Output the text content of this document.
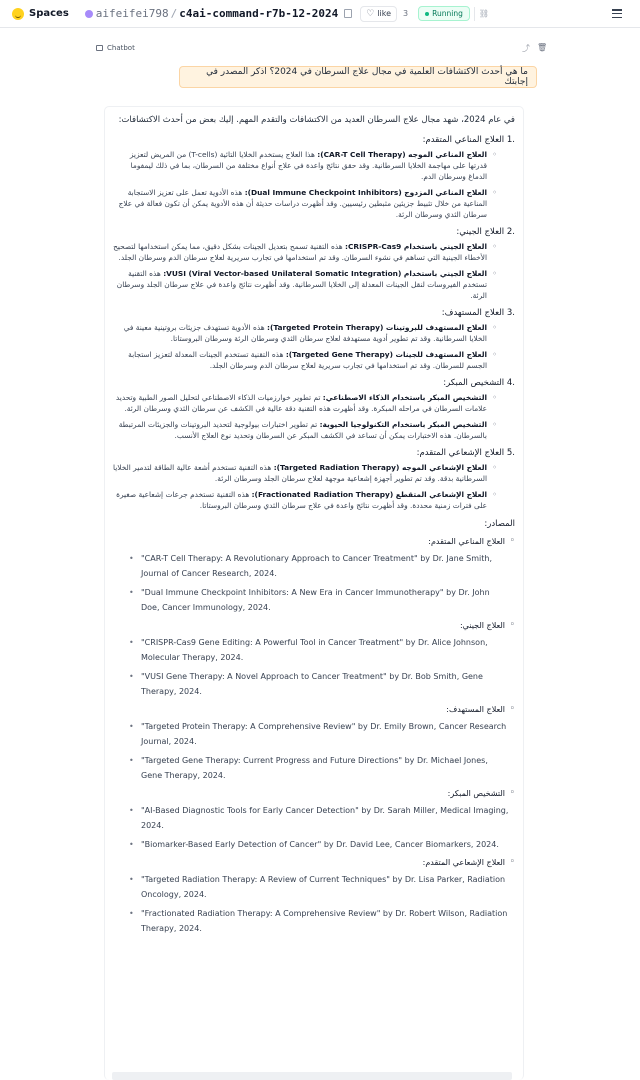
Spaces aifeifei798 / c4ai-command-r7b-12-2024	♡ like 3	Running ⛓
Chatbot	⤴ 🗑
ما هي أحدث الاكتشافات العلمية في مجال علاج السرطان في 2024؟ اذكر المصدر في إجابتك
في عام 2024، شهد مجال علاج السرطان العديد من الاكتشافات والتقدم المهم. إليك بعض من أحدث الاكتشافات:
1. العلاج المناعي المتقدم:
◦ العلاج المناعي الموجه (CAR-T Cell Therapy): هذا العلاج يستخدم الخلايا التائية (T-cells) من المريض لتعزيز قدرتها على مهاجمة الخلايا السرطانية. وقد حقق نتائج واعدة في علاج أنواع مختلفة من السرطان، بما في ذلك ليمفوما الدماغ وسرطان الدم.
◦ العلاج المناعي المزدوج (Dual Immune Checkpoint Inhibitors): هذه الأدوية تعمل على تعزيز الاستجابة المناعية من خلال تثبيط جزيئين مثبطين رئيسيين. وقد أظهرت دراسات حديثة أن هذه الأدوية يمكن أن تكون فعالة في علاج سرطان الثدي وسرطان الرئة.
2. العلاج الجيني:
◦ العلاج الجيني باستخدام CRISPR-Cas9: هذه التقنية تسمح بتعديل الجينات بشكل دقيق، مما يمكن استخدامها لتصحيح الأخطاء الجينية التي تساهم في نشوء السرطان. وقد تم استخدامها في تجارب سريرية لعلاج سرطان الدم وسرطان الجلد.
◦ العلاج الجيني باستخدام VUSI (Viral Vector-based Unilateral Somatic Integration): هذه التقنية تستخدم الفيروسات لنقل الجينات المعدلة إلى الخلايا السرطانية. وقد أظهرت نتائج واعدة في علاج سرطان الجلد وسرطان الرئة.
3. العلاج المستهدف:
◦ العلاج المستهدف للبروتينات (Targeted Protein Therapy): هذه الأدوية تستهدف جزيئات بروتينية معينة في الخلايا السرطانية. وقد تم تطوير أدوية مستهدفة لعلاج سرطان الثدي وسرطان الرئة وسرطان البروستاتا.
◦ العلاج المستهدف للجينات (Targeted Gene Therapy): هذه التقنية تستخدم الجينات المعدلة لتعزيز استجابة الجسم للسرطان. وقد تم استخدامها في تجارب سريرية لعلاج سرطان الدم وسرطان الجلد.
4. التشخيص المبكر:
◦ التشخيص المبكر باستخدام الذكاء الاصطناعي: تم تطوير خوارزميات الذكاء الاصطناعي لتحليل الصور الطبية وتحديد علامات السرطان في مراحله المبكرة. وقد أظهرت هذه التقنية دقة عالية في الكشف عن سرطان الثدي وسرطان الرئة.
◦ التشخيص المبكر باستخدام التكنولوجيا الحيوية: تم تطوير اختبارات بيولوجية لتحديد البروتينات والجزيئات المرتبطة بالسرطان. هذه الاختبارات يمكن أن تساعد في الكشف المبكر عن السرطان وتحديد نوع العلاج الأنسب.
5. العلاج الإشعاعي المتقدم:
◦ العلاج الإشعاعي الموجه (Targeted Radiation Therapy): هذه التقنية تستخدم أشعة عالية الطاقة لتدمير الخلايا السرطانية بدقة. وقد تم تطوير أجهزة إشعاعية موجهة لعلاج سرطان الجلد وسرطان الرئة.
◦ العلاج الإشعاعي المتقطع (Fractionated Radiation Therapy): هذه التقنية تستخدم جرعات إشعاعية صغيرة على فترات زمنية محددة. وقد أظهرت نتائج واعدة في علاج سرطان الثدي وسرطان البروستاتا.
المصادر:
◦ العلاج المناعي المتقدم:
• "CAR-T Cell Therapy: A Revolutionary Approach to Cancer Treatment" by Dr. Jane Smith, Journal of Cancer Research, 2024.
• "Dual Immune Checkpoint Inhibitors: A New Era in Cancer Immunotherapy" by Dr. John Doe, Cancer Immunology, 2024.
◦ العلاج الجيني:
• "CRISPR-Cas9 Gene Editing: A Powerful Tool in Cancer Treatment" by Dr. Alice Johnson, Molecular Therapy, 2024.
• "VUSI Gene Therapy: A Novel Approach to Cancer Treatment" by Dr. Bob Smith, Gene Therapy, 2024.
◦ العلاج المستهدف:
• "Targeted Protein Therapy: A Comprehensive Review" by Dr. Emily Brown, Cancer Research Journal, 2024.
• "Targeted Gene Therapy: Current Progress and Future Directions" by Dr. Michael Jones, Gene Therapy, 2024.
◦ التشخيص المبكر:
• "AI-Based Diagnostic Tools for Early Cancer Detection" by Dr. Sarah Miller, Medical Imaging, 2024.
• "Biomarker-Based Early Detection of Cancer" by Dr. David Lee, Cancer Biomarkers, 2024.
◦ العلاج الإشعاعي المتقدم:
• "Targeted Radiation Therapy: A Review of Current Techniques" by Dr. Lisa Parker, Radiation Oncology, 2024.
• "Fractionated Radiation Therapy: A Comprehensive Review" by Dr. Robert Wilson, Radiation Therapy, 2024.
